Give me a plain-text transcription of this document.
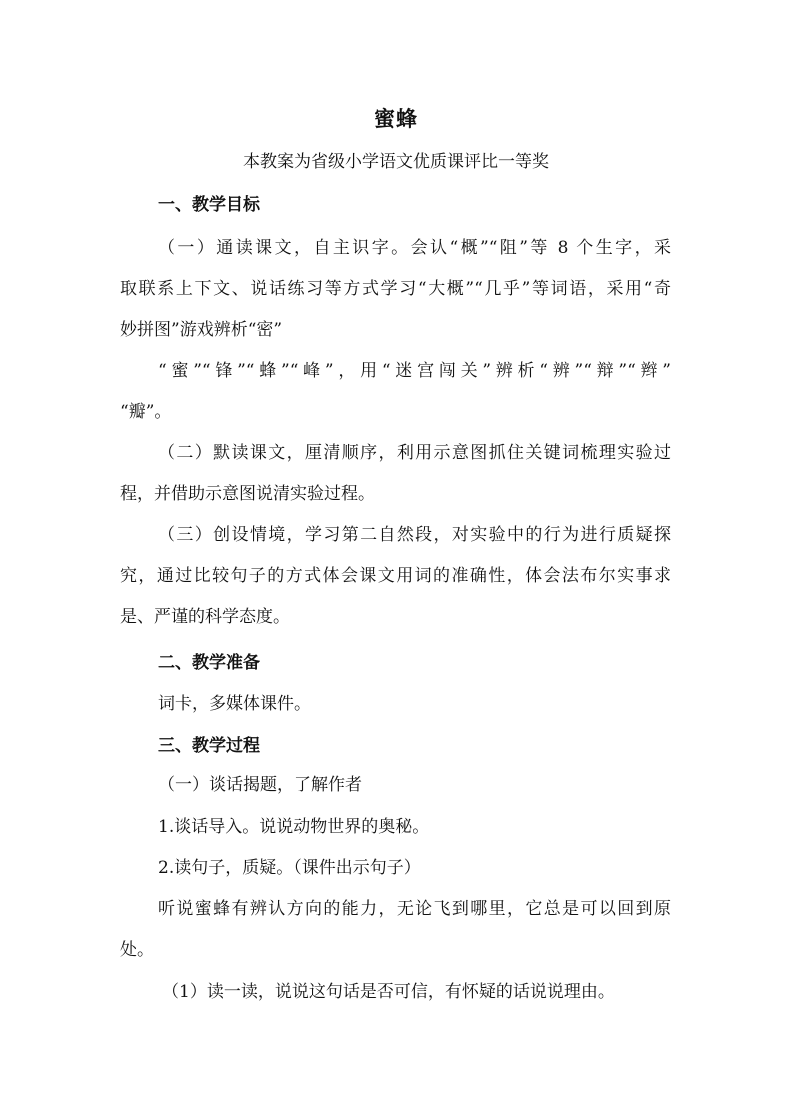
蜜蜂
本教案为省级小学语文优质课评比一等奖
一、教学目标
（一）通读课文，自主识字。会认“概”“阻”等 8 个生字，采
取联系上下文、说话练习等方式学习“大概”“几乎”等词语，采用“奇
妙拼图”游戏辨析“密”
“蜜”“锋”“蜂”“峰”，用“迷宫闯关”辨析“辨”“辩”“辫”
“瓣”。
（二）默读课文，厘清顺序，利用示意图抓住关键词梳理实验过
程，并借助示意图说清实验过程。
（三）创设情境，学习第二自然段，对实验中的行为进行质疑探
究，通过比较句子的方式体会课文用词的准确性，体会法布尔实事求
是、严谨的科学态度。
二、教学准备
词卡，多媒体课件。
三、教学过程
（一）谈话揭题，了解作者
1.谈话导入。说说动物世界的奥秘。
2.读句子，质疑。（课件出示句子）
听说蜜蜂有辨认方向的能力，无论飞到哪里，它总是可以回到原
处。
（1）读一读，说说这句话是否可信，有怀疑的话说说理由。
